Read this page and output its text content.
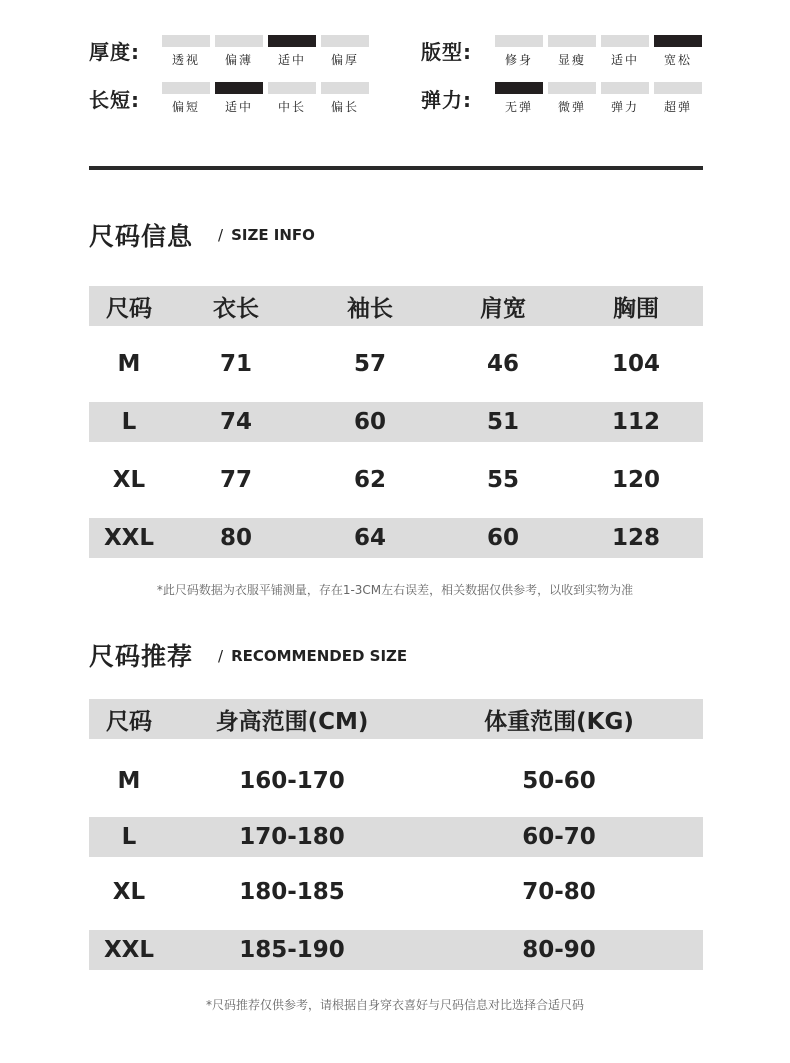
厚度:	透视	偏薄	适中	偏厚
长短:	偏短	适中	中长	偏长
版型:	修身	显瘦	适中	宽松
弹力:	无弹	微弹	弹力	超弹
尺码信息 / SIZE INFO
尺码	衣长	袖长	肩宽	胸围
M	71	57	46	104
L	74	60	51	112
XL	77	62	55	120
XXL	80	64	60	128
*此尺码数据为衣服平铺测量，存在1-3CM左右误差，相关数据仅供参考，以收到实物为准
尺码推荐 / RECOMMENDED SIZE
尺码	身高范围(CM)	体重范围(KG)
M	160-170	50-60
L	170-180	60-70
XL	180-185	70-80
XXL	185-190	80-90
*尺码推荐仅供参考，请根据自身穿衣喜好与尺码信息对比选择合适尺码
